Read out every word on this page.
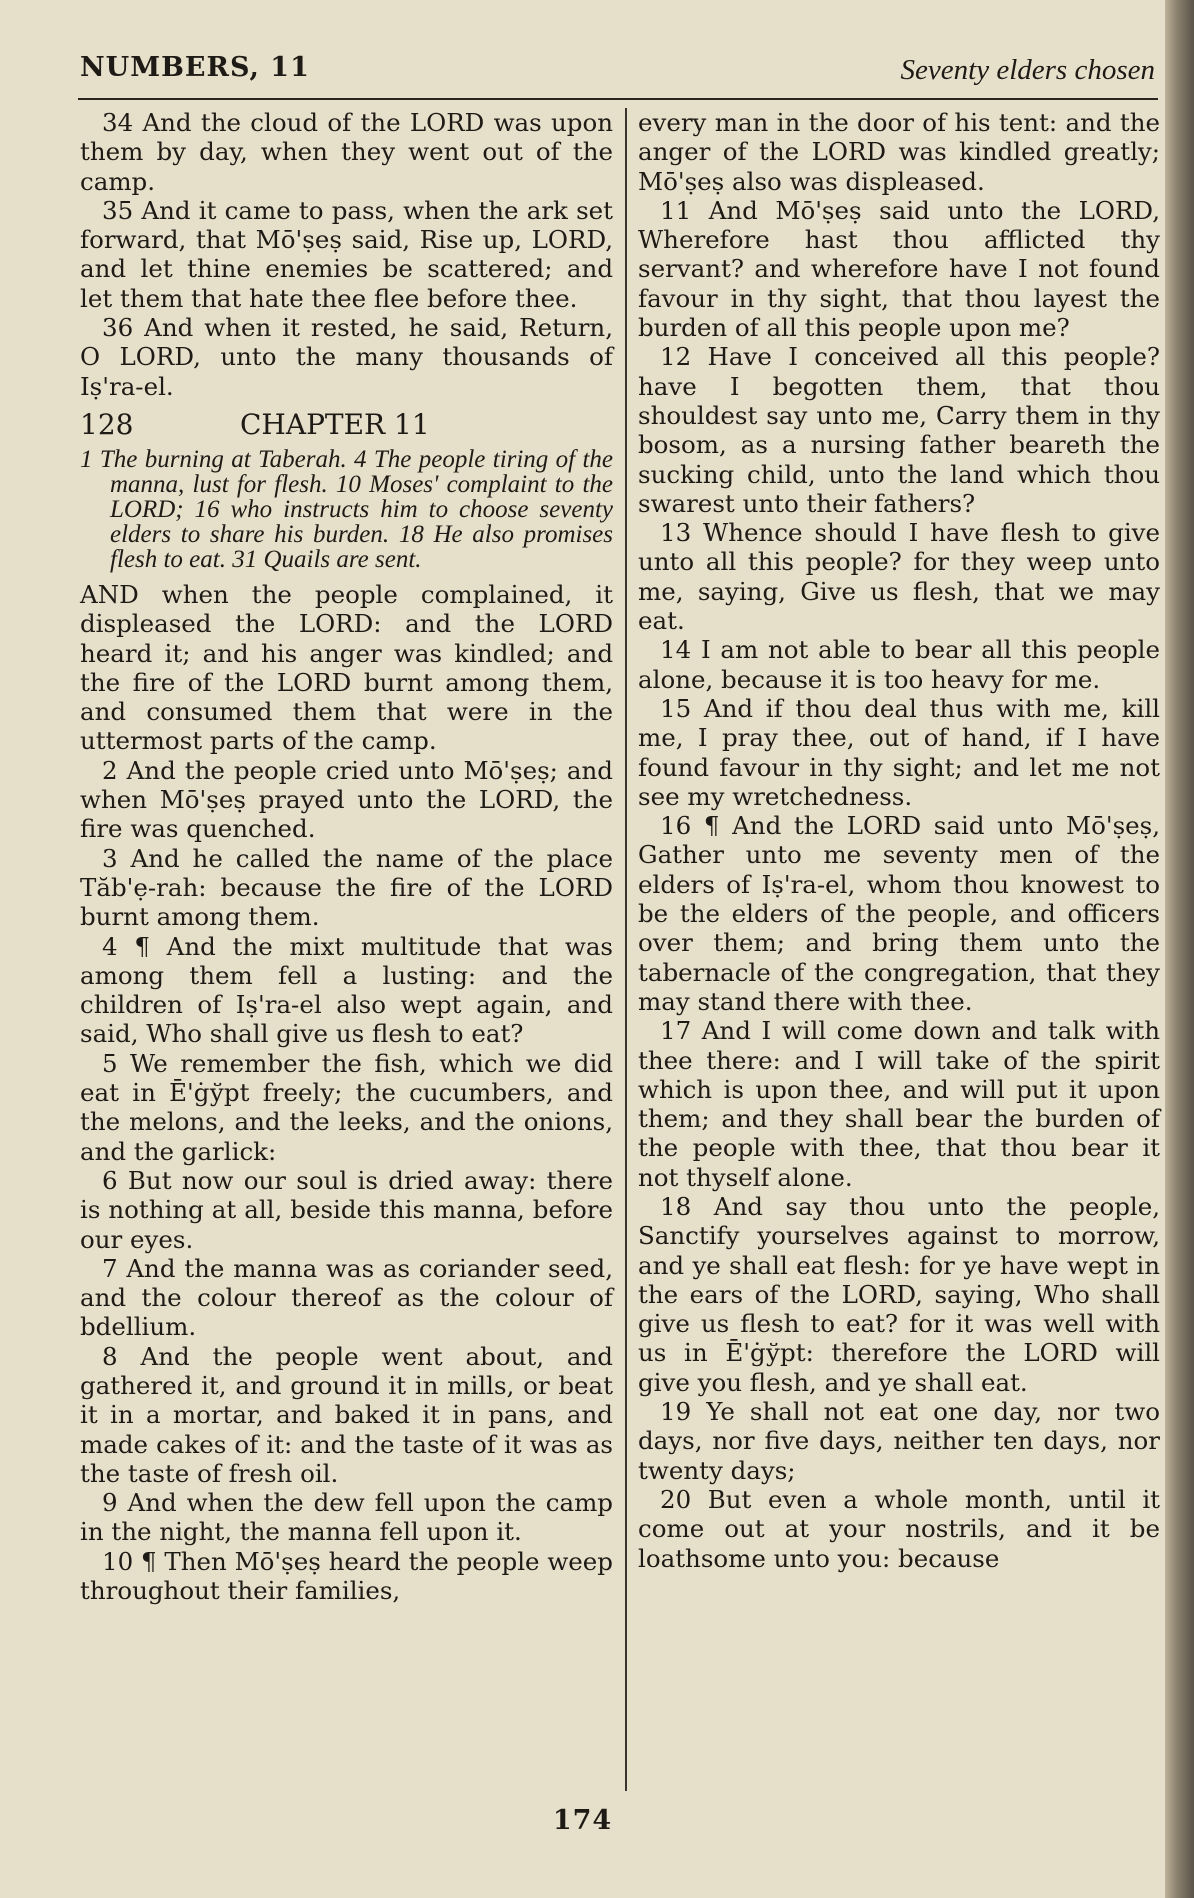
NUMBERS, 11	Seventy elders chosen

34 And the cloud of the LORD was upon them by day, when they went out of the camp.

35 And it came to pass, when the ark set forward, that Mō'ṣeṣ said, Rise up, LORD, and let thine enemies be scattered; and let them that hate thee flee before thee.

36 And when it rested, he said, Return, O LORD, unto the many thousands of Iṣ'ra-el.

128	CHAPTER 11
1 The burning at Taberah. 4 The people tiring of the manna, lust for flesh. 10 Moses' complaint to the LORD; 16 who instructs him to choose seventy elders to share his burden. 18 He also promises flesh to eat. 31 Quails are sent.

AND when the people complained, it displeased the LORD: and the LORD heard it; and his anger was kindled; and the fire of the LORD burnt among them, and consumed them that were in the uttermost parts of the camp.

2 And the people cried unto Mō'ṣeṣ; and when Mō'ṣeṣ prayed unto the LORD, the fire was quenched.

3 And he called the name of the place Tăb'ẹ-rah: because the fire of the LORD burnt among them.

4 ¶ And the mixt multitude that was among them fell a lusting: and the children of Iṣ'ra-el also wept again, and said, Who shall give us flesh to eat?

5 We remember the fish, which we did eat in Ē'ġўpt freely; the cucumbers, and the melons, and the leeks, and the onions, and the garlick:

6 But now our soul is dried away: there is nothing at all, beside this manna, before our eyes.

7 And the manna was as coriander seed, and the colour thereof as the colour of bdellium.

8 And the people went about, and gathered it, and ground it in mills, or beat it in a mortar, and baked it in pans, and made cakes of it: and the taste of it was as the taste of fresh oil.

9 And when the dew fell upon the camp in the night, the manna fell upon it.

10 ¶ Then Mō'ṣeṣ heard the people weep throughout their families,

every man in the door of his tent: and the anger of the LORD was kindled greatly; Mō'ṣeṣ also was displeased.

11 And Mō'ṣeṣ said unto the LORD, Wherefore hast thou afflicted thy servant? and wherefore have I not found favour in thy sight, that thou layest the burden of all this people upon me?

12 Have I conceived all this people? have I begotten them, that thou shouldest say unto me, Carry them in thy bosom, as a nursing father beareth the sucking child, unto the land which thou swarest unto their fathers?

13 Whence should I have flesh to give unto all this people? for they weep unto me, saying, Give us flesh, that we may eat.

14 I am not able to bear all this people alone, because it is too heavy for me.

15 And if thou deal thus with me, kill me, I pray thee, out of hand, if I have found favour in thy sight; and let me not see my wretchedness.

16 ¶ And the LORD said unto Mō'ṣeṣ, Gather unto me seventy men of the elders of Iṣ'ra-el, whom thou knowest to be the elders of the people, and officers over them; and bring them unto the tabernacle of the congregation, that they may stand there with thee.

17 And I will come down and talk with thee there: and I will take of the spirit which is upon thee, and will put it upon them; and they shall bear the burden of the people with thee, that thou bear it not thyself alone.

18 And say thou unto the people, Sanctify yourselves against to morrow, and ye shall eat flesh: for ye have wept in the ears of the LORD, saying, Who shall give us flesh to eat? for it was well with us in Ē'ġўpt: therefore the LORD will give you flesh, and ye shall eat.

19 Ye shall not eat one day, nor two days, nor five days, neither ten days, nor twenty days;

20 But even a whole month, until it come out at your nostrils, and it be loathsome unto you: because

174
